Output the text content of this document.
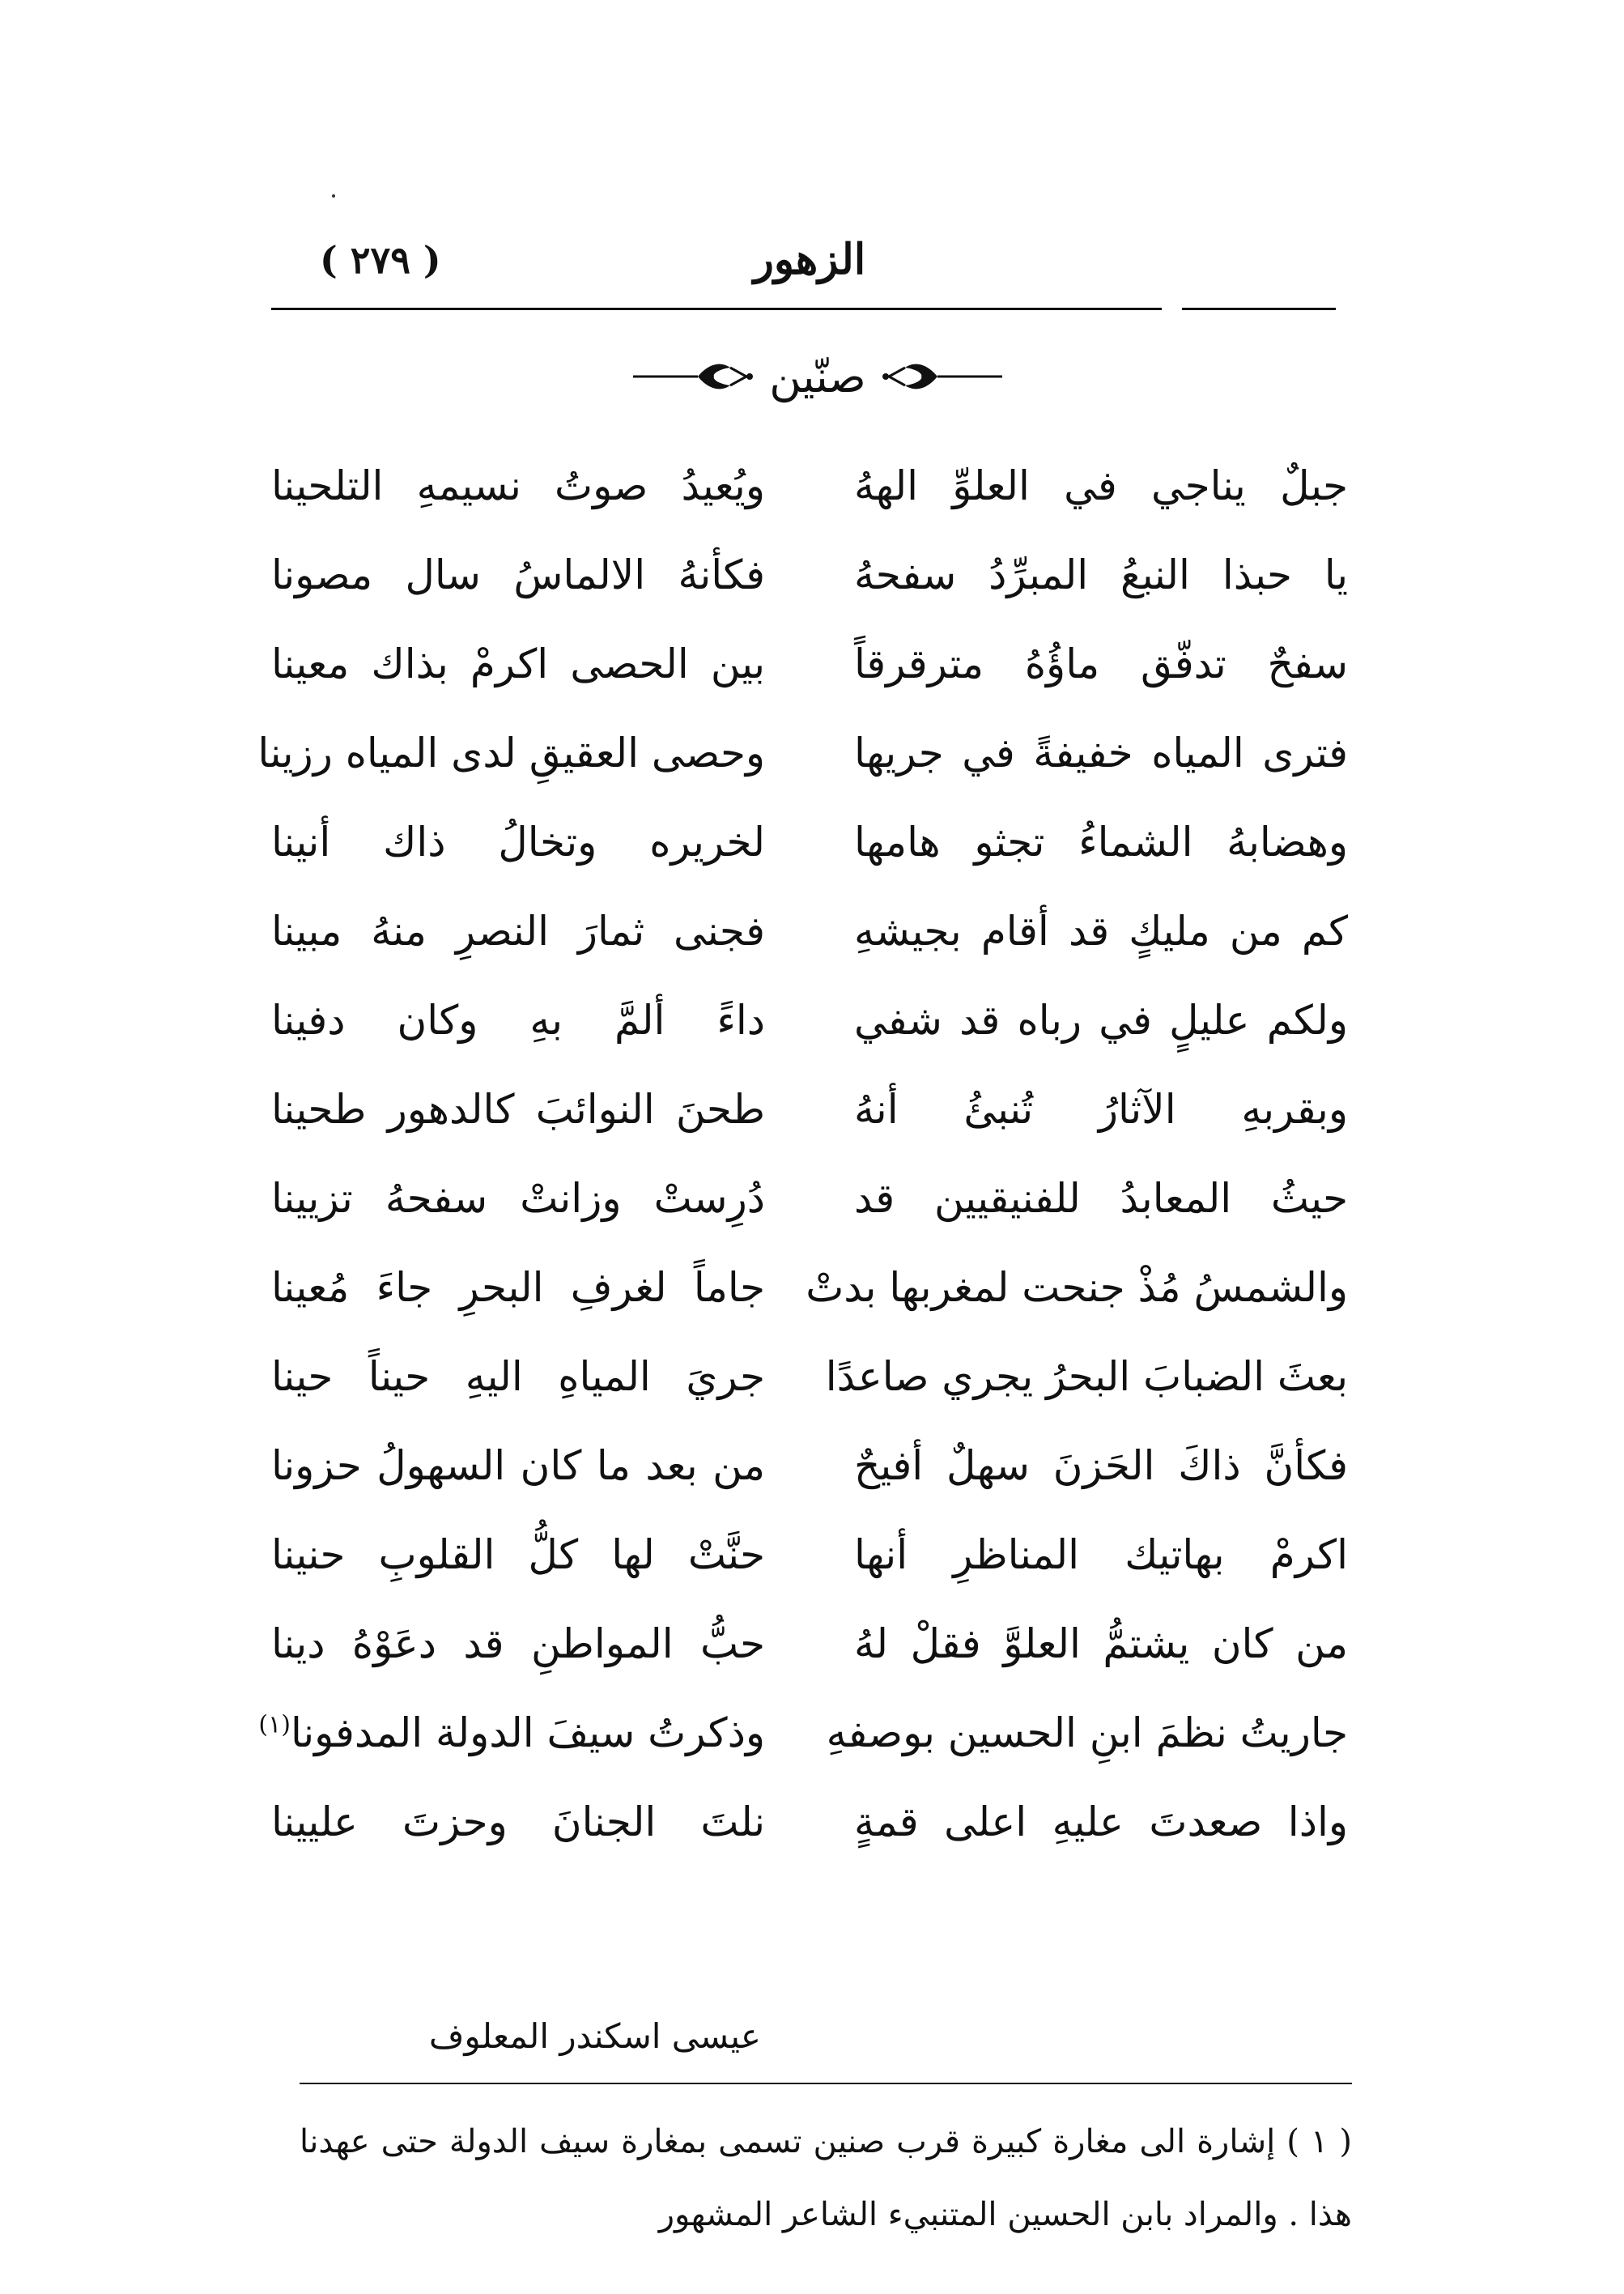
الزهور
( ٢٧٩ )
صنّين
جبلٌ يناجي في العلوِّ الههُ
ويُعيدُ صوتُ نسيمهِ التلحينا
يا حبذا النبعُ المبرِّدُ سفحهُ
فكأنهُ الالماسُ سال مصونا
سفحٌ تدفّق ماؤُهُ مترقرقاً
بين الحصى اكرمْ بذاك معينا
فترى المياه خفيفةً في جريها
وحصى العقيقِ لدى المياه رزينا
وهضابهُ الشماءُ تجثو هامها
لخريره وتخالُ ذاك أنينا
كم من مليكٍ قد أقام بجيشهِ
فجنى ثمارَ النصرِ منهُ مبينا
ولكم عليلٍ في رباه قد شفي
داءً ألمَّ بهِ وكان دفينا
وبقربهِ الآثارُ تُنبئُ أنهُ
طحنَ النوائبَ كالدهور طحينا
حيثُ المعابدُ للفنيقيين قد
دُرِستْ وزانتْ سفحهُ تزيينا
والشمسُ مُذْ جنحت لمغربها بدتْ
جاماً لغرفِ البحرِ جاءَ مُعينا
بعثَ الضبابَ البحرُ يجري صاعدًا
جريَ المياهِ اليهِ حيناً حينا
فكأنَّ ذاكَ الحَزنَ سهلٌ أفيحٌ
من بعد ما كان السهولُ حزونا
اكرمْ بهاتيك المناظرِ أنها
حنَّتْ لها كلُّ القلوبِ حنينا
من كان يشتمُّ العلوَّ فقلْ لهُ
حبُّ المواطنِ قد دعَوْهُ دينا
جاريتُ نظمَ ابنِ الحسين بوصفهِ
وذكرتُ سيفَ الدولة المدفونا$^{(١)}$
واذا صعدتَ عليهِ اعلى قمةٍ
نلتَ الجنانَ وحزتَ عليينا
عيسى اسكندر المعلوف
( ١ ) إشارة الى مغارة كبيرة قرب صنين تسمى بمغارة سيف الدولة حتى عهدنا هذا . والمراد بابن الحسين المتنبيء الشاعر المشهور
